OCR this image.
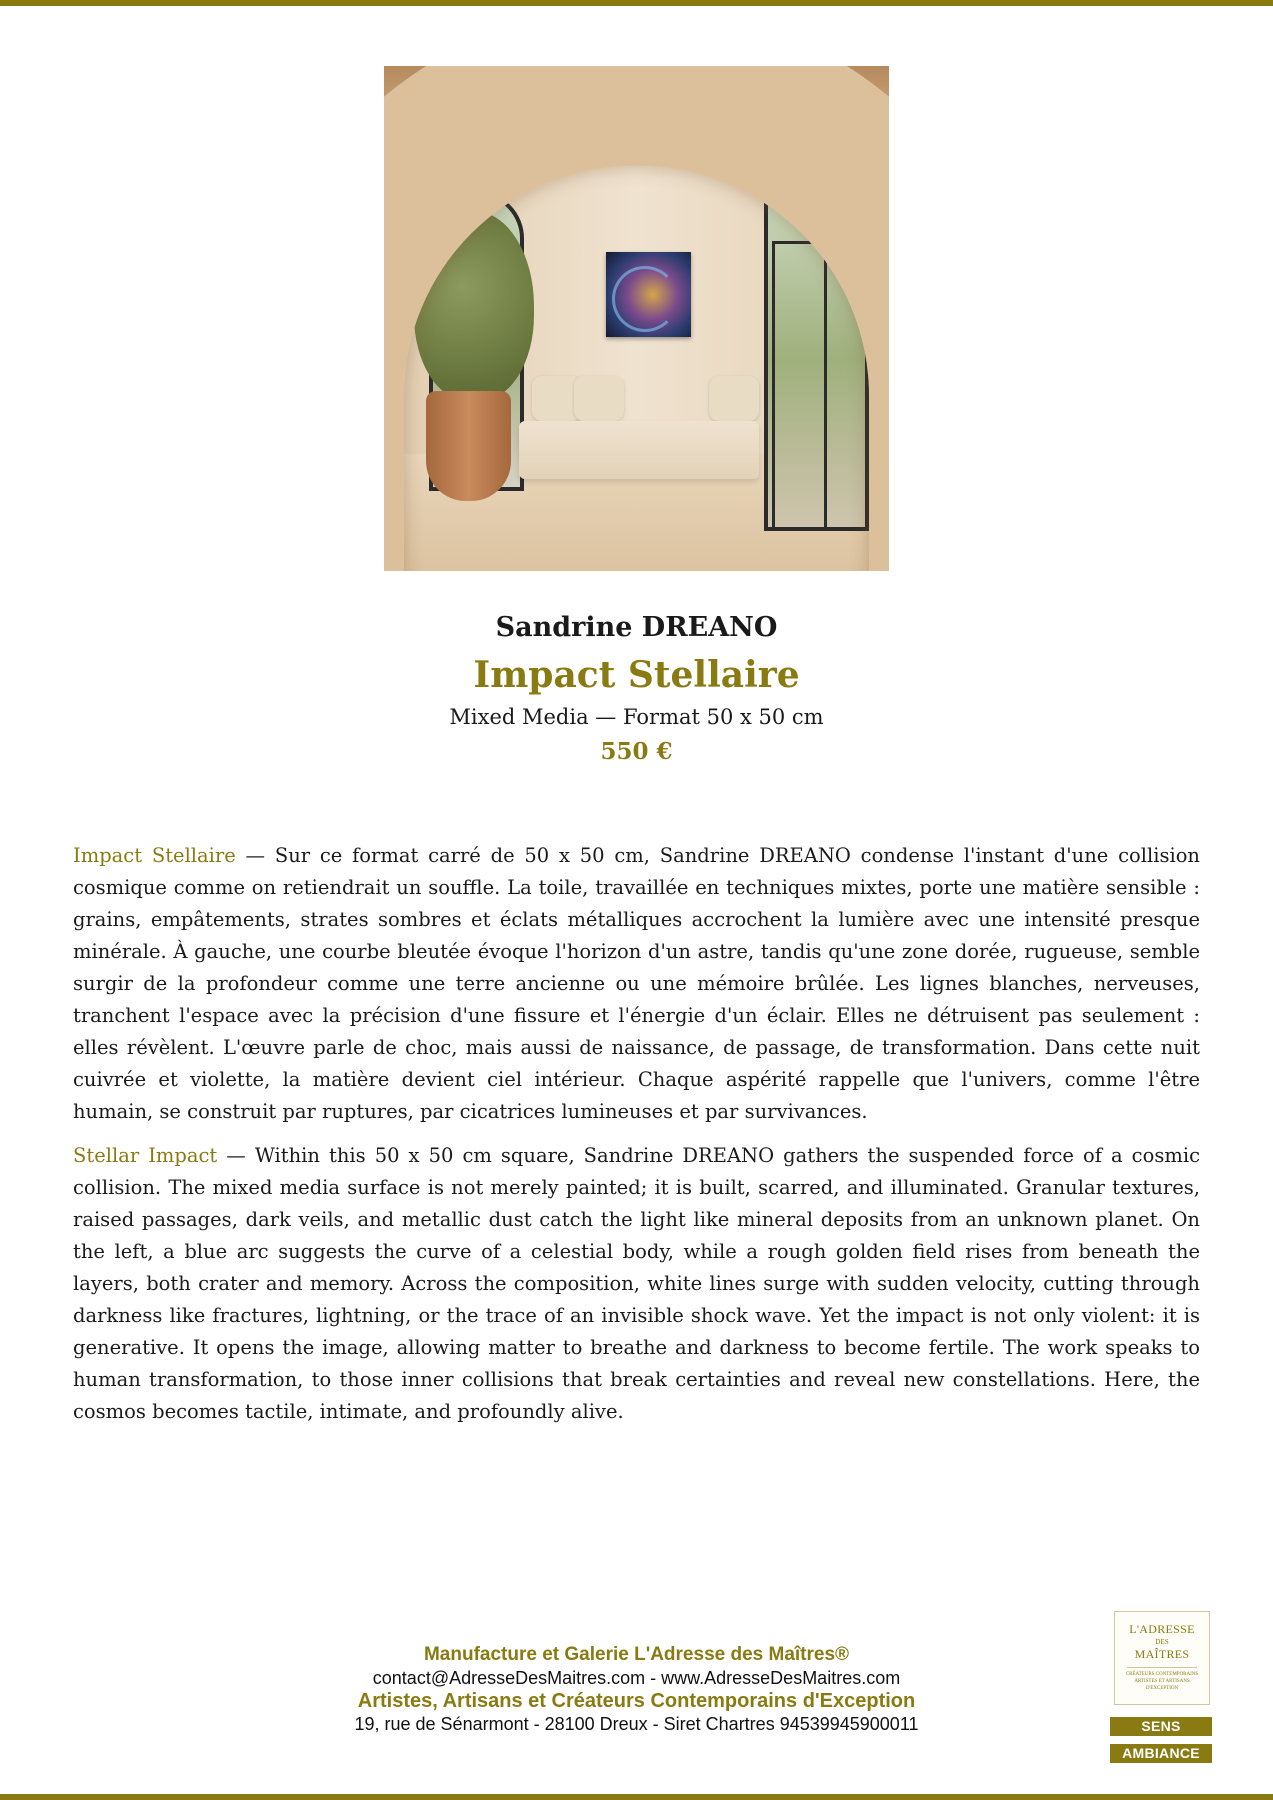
Sandrine DREANO
Impact Stellaire
Mixed Media — Format 50 x 50 cm
550 €

Impact Stellaire — Sur ce format carré de 50 x 50 cm, Sandrine DREANO condense l'instant d'une collision cosmique comme on retiendrait un souffle. La toile, travaillée en techniques mixtes, porte une matière sensible : grains, empâtements, strates sombres et éclats métalliques accrochent la lumière avec une intensité presque minérale. À gauche, une courbe bleutée évoque l'horizon d'un astre, tandis qu'une zone dorée, rugueuse, semble surgir de la profondeur comme une terre ancienne ou une mémoire brûlée. Les lignes blanches, nerveuses, tranchent l'espace avec la précision d'une fissure et l'énergie d'un éclair. Elles ne détruisent pas seulement : elles révèlent. L'œuvre parle de choc, mais aussi de naissance, de passage, de transformation. Dans cette nuit cuivrée et violette, la matière devient ciel intérieur. Chaque aspérité rappelle que l'univers, comme l'être humain, se construit par ruptures, par cicatrices lumineuses et par survivances.

Stellar Impact — Within this 50 x 50 cm square, Sandrine DREANO gathers the suspended force of a cosmic collision. The mixed media surface is not merely painted; it is built, scarred, and illuminated. Granular textures, raised passages, dark veils, and metallic dust catch the light like mineral deposits from an unknown planet. On the left, a blue arc suggests the curve of a celestial body, while a rough golden field rises from beneath the layers, both crater and memory. Across the composition, white lines surge with sudden velocity, cutting through darkness like fractures, lightning, or the trace of an invisible shock wave. Yet the impact is not only violent: it is generative. It opens the image, allowing matter to breathe and darkness to become fertile. The work speaks to human transformation, to those inner collisions that break certainties and reveal new constellations. Here, the cosmos becomes tactile, intimate, and profoundly alive.

Manufacture et Galerie L'Adresse des Maîtres®
contact@AdresseDesMaitres.com - www.AdresseDesMaitres.com
Artistes, Artisans et Créateurs Contemporains d'Exception
19, rue de Sénarmont - 28100 Dreux - Siret Chartres 94539945900011
L'ADRESSE
DES
MAÎTRES
CRÉATEURS CONTEMPORAINS ARTISTES ET ARTISANS D'EXCEPTION
SENS
AMBIANCE
